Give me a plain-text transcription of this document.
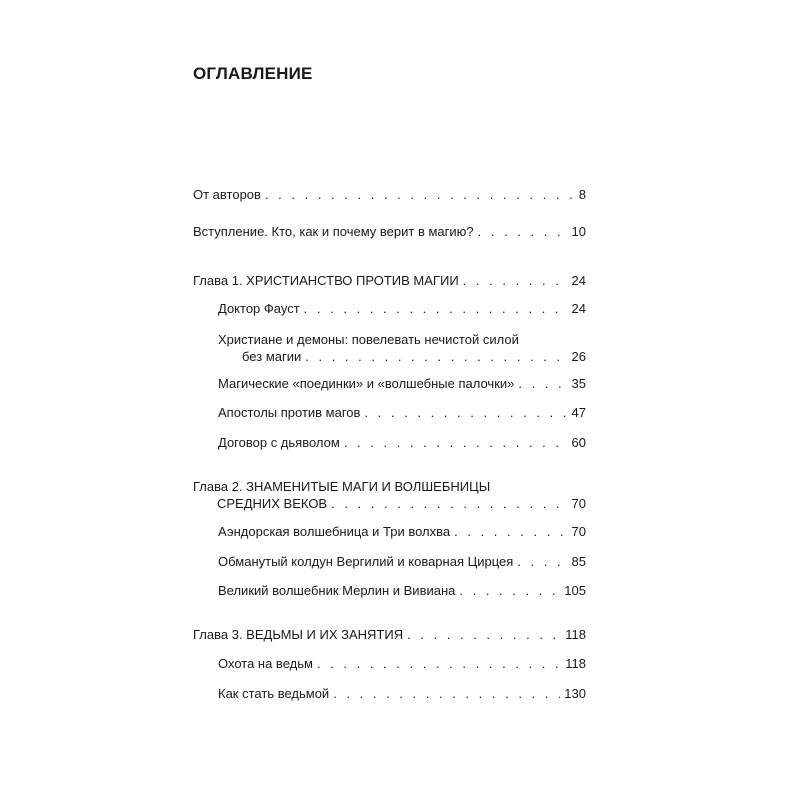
ОГЛАВЛЕНИЕ
От авторов . . .	8
Вступление. Кто, как и почему верит в магию? . . .	10
Глава 1. ХРИСТИАНСТВО ПРОТИВ МАГИИ . . .	24
Доктор Фауст . . .	24
Христиане и демоны: повелевать нечистой силой
без магии . . .	26
Магические «поединки» и «волшебные палочки» . . .	35
Апостолы против магов . . .	47
Договор с дьяволом . . .	60
Глава 2. ЗНАМЕНИТЫЕ МАГИ И ВОЛШЕБНИЦЫ
СРЕДНИХ ВЕКОВ . . .	70
Аэндорская волшебница и Три волхва . . .	70
Обманутый колдун Вергилий и коварная Цирцея . . .	85
Великий волшебник Мерлин и Вивиана . . .	105
Глава 3. ВЕДЬМЫ И ИХ ЗАНЯТИЯ . . .	118
Охота на ведьм . . .	118
Как стать ведьмой . . .	130
